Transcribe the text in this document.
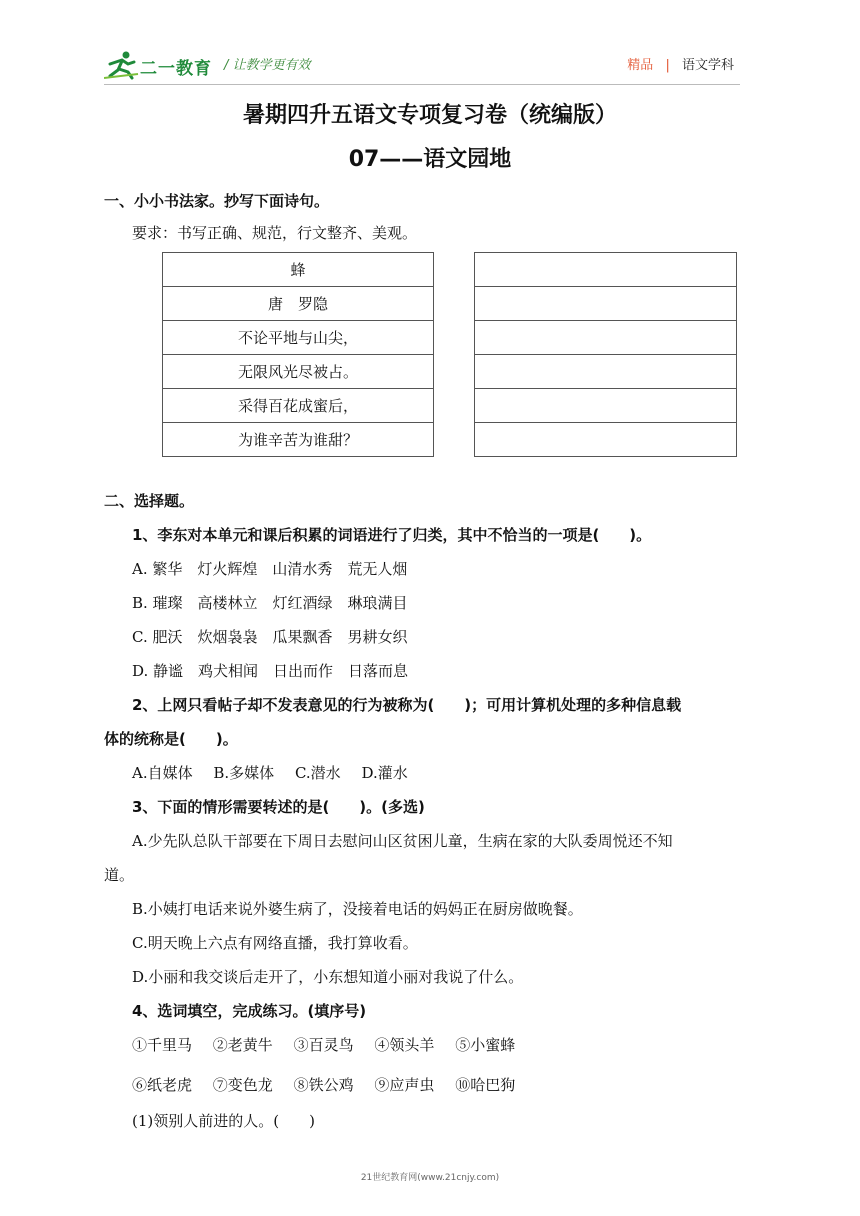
二一教育 / 让教学更有效	精品 | 语文学科
暑期四升五语文专项复习卷（统编版）
07——语文园地
一、小小书法家。抄写下面诗句。
要求：书写正确、规范，行文整齐、美观。
蜂
唐　罗隐
不论平地与山尖，
无限风光尽被占。
采得百花成蜜后，
为谁辛苦为谁甜？

二、选择题。
1、李东对本单元和课后积累的词语进行了归类，其中不恰当的一项是(　　)。
A. 繁华　灯火辉煌　山清水秀　荒无人烟
B. 璀璨　高楼林立　灯红酒绿　琳琅满目
C. 肥沃　炊烟袅袅　瓜果飘香　男耕女织
D. 静谧　鸡犬相闻　日出而作　日落而息
2、上网只看帖子却不发表意见的行为被称为(　　)；可用计算机处理的多种信息载
体的统称是(　　)。
A.自媒体 B.多媒体 C.潜水 D.灌水
3、下面的情形需要转述的是(　　)。(多选)
A.少先队总队干部要在下周日去慰问山区贫困儿童，生病在家的大队委周悦还不知
道。
B.小姨打电话来说外婆生病了，没接着电话的妈妈正在厨房做晚餐。
C.明天晚上六点有网络直播，我打算收看。
D.小丽和我交谈后走开了，小东想知道小丽对我说了什么。
4、选词填空，完成练习。(填序号)
①千里马 ②老黄牛 ③百灵鸟 ④领头羊 ⑤小蜜蜂
⑥纸老虎 ⑦变色龙 ⑧铁公鸡 ⑨应声虫 ⑩哈巴狗
(1)领别人前进的人。(　　)
21世纪教育网(www.21cnjy.com)
